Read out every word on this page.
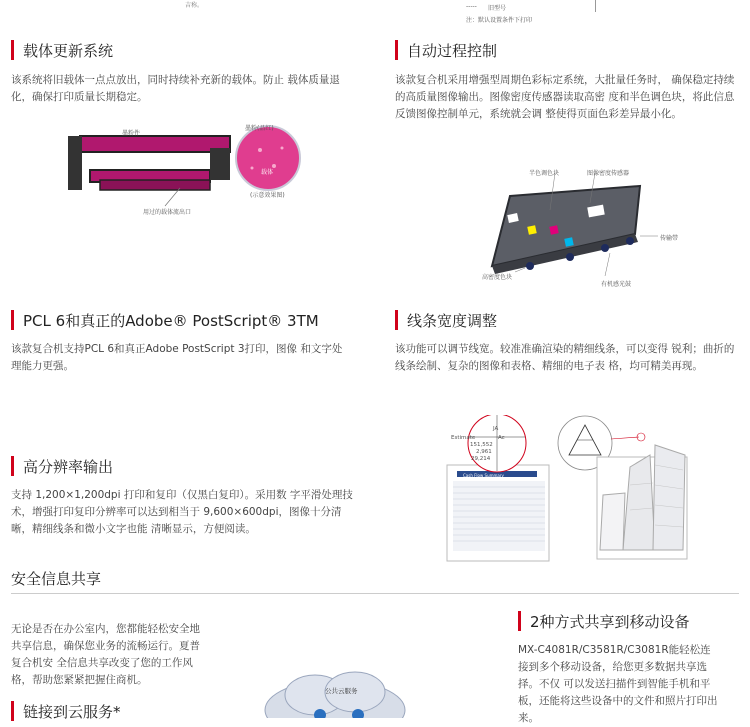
吉称。	----- 旧型号
注：默认设置条件下打印
载体更新系统
该系统将旧载体一点点放出，同时持续补充新的载体。防止 载体质量退化，确保打印质量长期稳定。
墨粉件
墨粉(品红)
载体
(示意效果图)
用过的载体流出口
自动过程控制
该款复合机采用增强型周期色彩标定系统，大批量任务时， 确保稳定持续的高质量图像输出。图像密度传感器读取高密 度和半色调色块，将此信息反馈图像控制单元，系统就会调 整使得页面色彩差异最小化。
半色调色块	图像密度传感器
传输带
高密度色块
有机感光鼓
PCL 6和真正的Adobe® PostScript® 3TM
该款复合机支持PCL 6和真正Adobe PostScript 3打印，图像 和文字处理能力更强。
线条宽度调整
该功能可以调节线宽。较准准确渲染的精细线条，可以变得 锐利；曲折的线条绘制、复杂的图像和表格、精细的电子表 格，均可精美再现。
Estimate	Ac
JA
151,552
2,961
29,214
Cash Flow Summary
高分辨率输出
支持 1,200×1,200dpi 打印和复印（仅黑白复印）。采用数 字平滑处理技术，增强打印复印分辨率可以达到相当于 9,600×600dpi，图像十分清晰，精细线条和微小文字也能 清晰显示，方便阅读。
安全信息共享
无论是否在办公室内，您都能轻松安全地共享信息，确保您业务的流畅运行。夏普复合机安 全信息共享改变了您的工作风格，帮助您紧紧把握住商机。
2种方式共享到移动设备
MX-C4081R/C3581R/C3081R能轻松连接到多个移动设备，给您更多数据共享选择。不仅 可以发送扫描件到智能手机和平板，还能将这些设备中的文件和照片打印出来。
链接到云服务*
公共云服务
